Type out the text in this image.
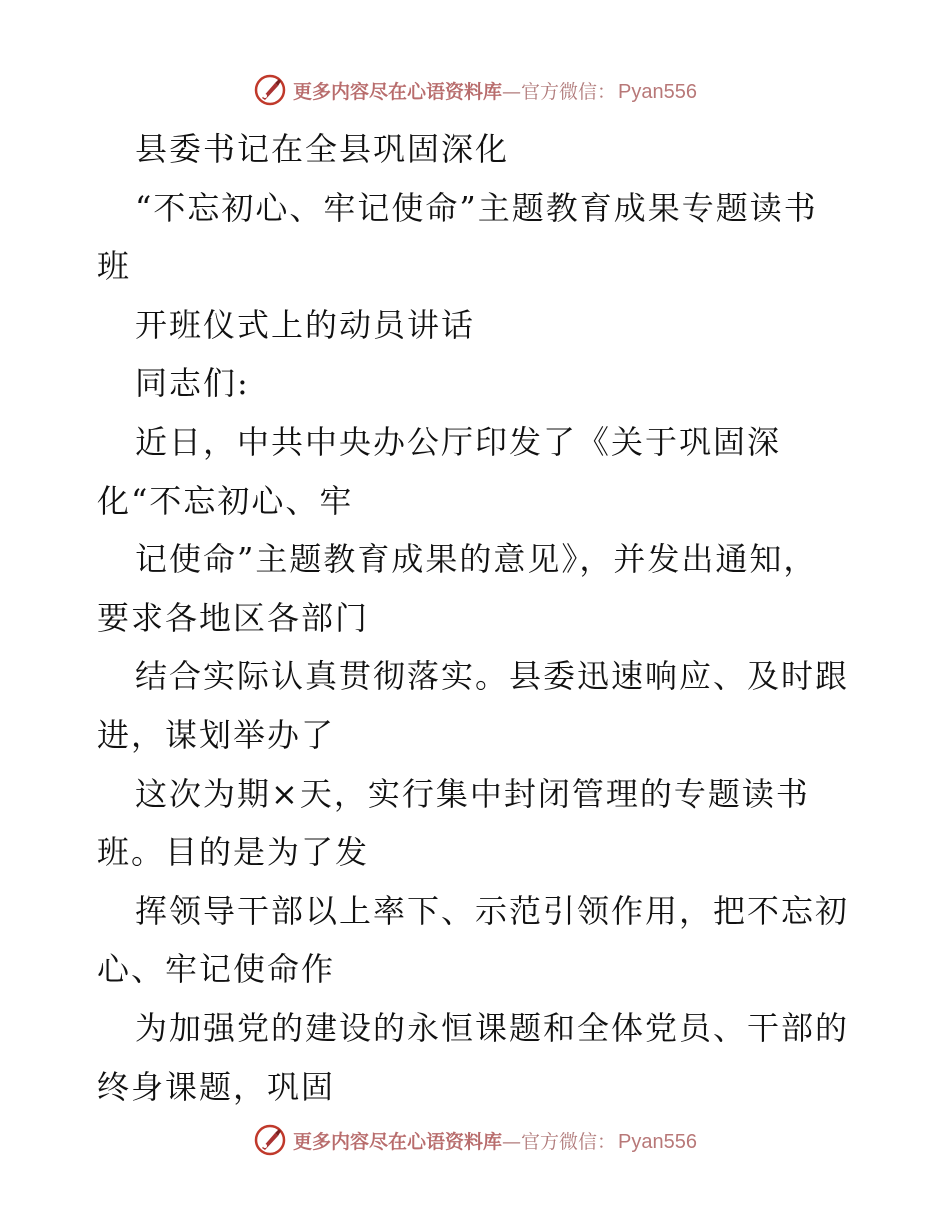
更多内容尽在心语资料库 —官方微信： Pyan556
县委书记在全县巩固深化
“不忘初心、牢记使命”主题教育成果专题读书
班
开班仪式上的动员讲话
同志们:
近日，中共中央办公厅印发了《关于巩固深
化“不忘初心、牢
记使命”主题教育成果的意见》，并发出通知，
要求各地区各部门
结合实际认真贯彻落实。县委迅速响应、及时跟
进，谋划举办了
这次为期×天，实行集中封闭管理的专题读书
班。目的是为了发
挥领导干部以上率下、示范引领作用，把不忘初
心、牢记使命作
为加强党的建设的永恒课题和全体党员、干部的
终身课题，巩固
更多内容尽在心语资料库 —官方微信： Pyan556
